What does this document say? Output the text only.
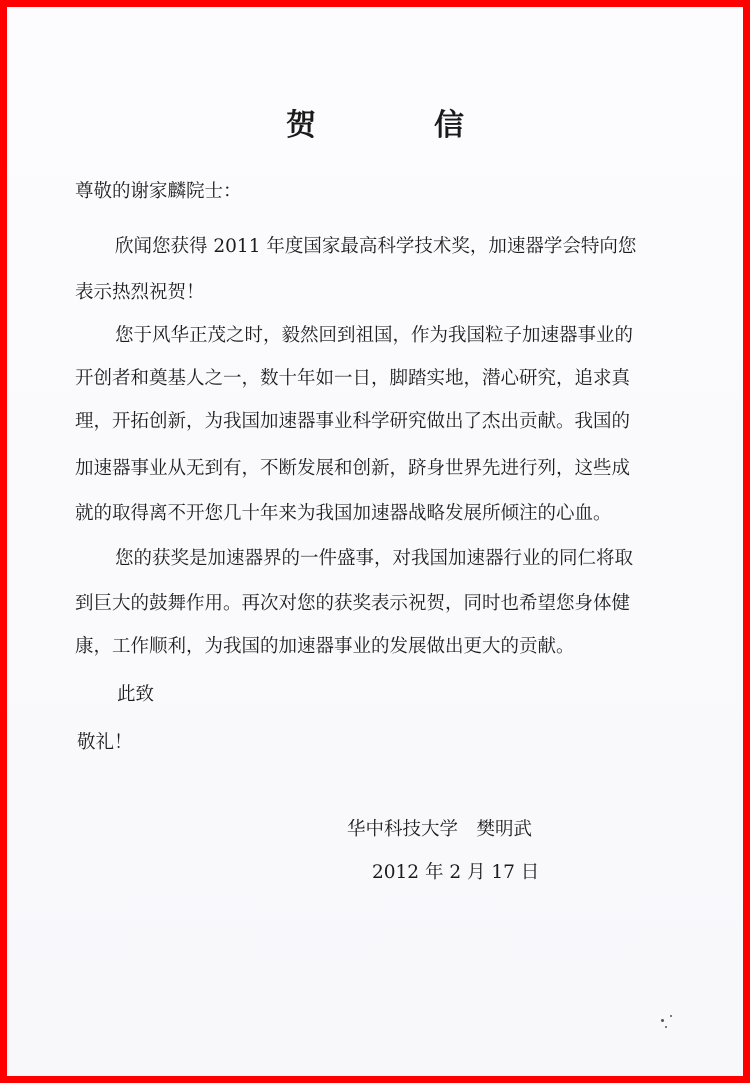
贺　信
尊敬的谢家麟院士：
欣闻您获得 2011 年度国家最高科学技术奖，加速器学会特向您
表示热烈祝贺！
您于风华正茂之时，毅然回到祖国，作为我国粒子加速器事业的
开创者和奠基人之一，数十年如一日，脚踏实地，潜心研究，追求真
理，开拓创新，为我国加速器事业科学研究做出了杰出贡献。我国的
加速器事业从无到有，不断发展和创新，跻身世界先进行列，这些成
就的取得离不开您几十年来为我国加速器战略发展所倾注的心血。
您的获奖是加速器界的一件盛事，对我国加速器行业的同仁将取
到巨大的鼓舞作用。再次对您的获奖表示祝贺，同时也希望您身体健
康，工作顺利，为我国的加速器事业的发展做出更大的贡献。
此致
敬礼！
华中科技大学　樊明武
2012 年 2 月 17 日
